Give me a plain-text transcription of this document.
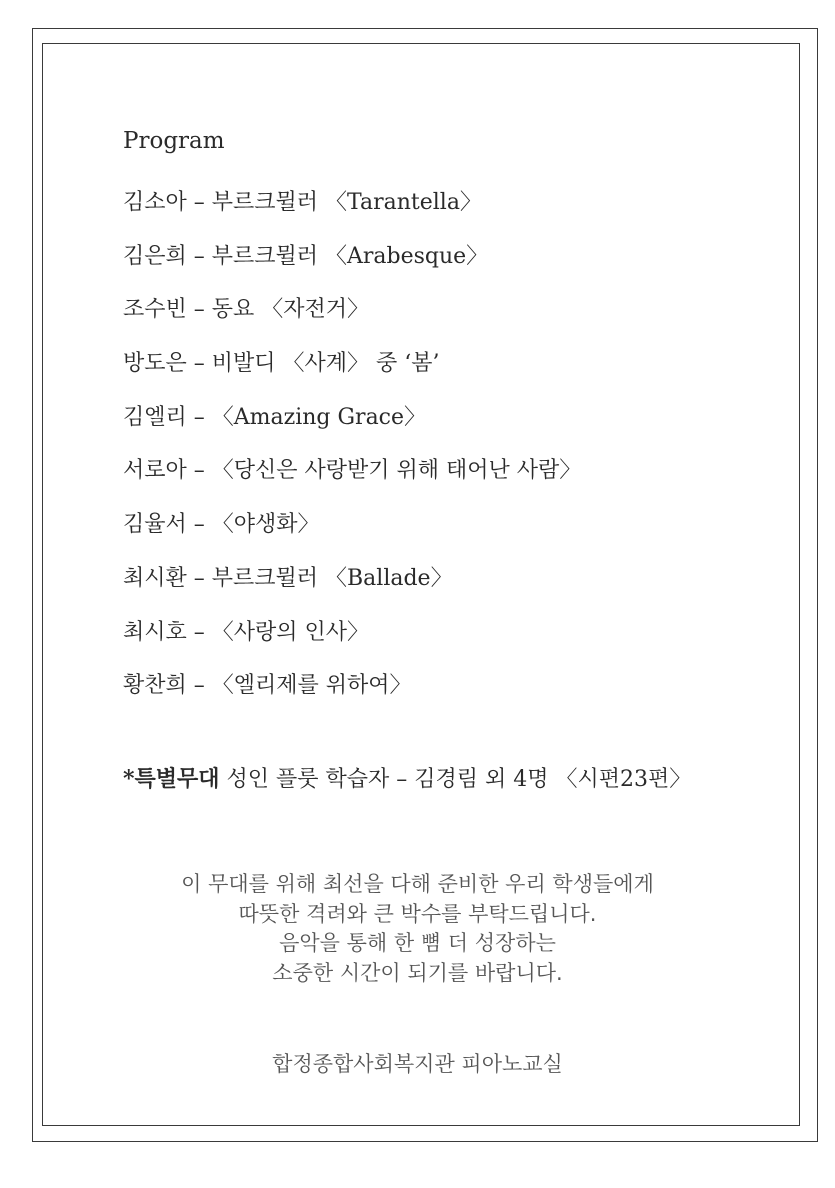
Program
김소아 – 부르크뮐러 〈Tarantella〉
김은희 – 부르크뮐러 〈Arabesque〉
조수빈 – 동요 〈자전거〉
방도은 – 비발디 〈사계〉 중 ‘봄’
김엘리 – 〈Amazing Grace〉
서로아 – 〈당신은 사랑받기 위해 태어난 사람〉
김율서 – 〈야생화〉
최시환 – 부르크뮐러 〈Ballade〉
최시호 – 〈사랑의 인사〉
황찬희 – 〈엘리제를 위하여〉
*특별무대 성인 플룻 학습자 – 김경림 외 4명 〈시편23편〉
이 무대를 위해 최선을 다해 준비한 우리 학생들에게
따뜻한 격려와 큰 박수를 부탁드립니다.
음악을 통해 한 뼘 더 성장하는
소중한 시간이 되기를 바랍니다.
합정종합사회복지관 피아노교실
